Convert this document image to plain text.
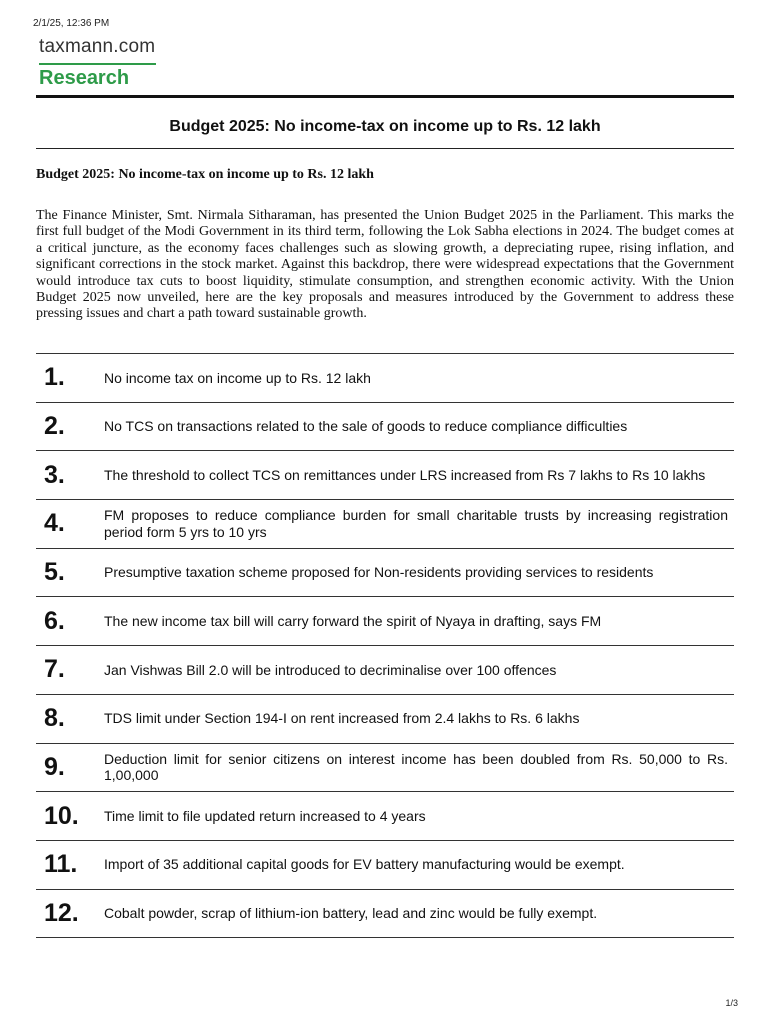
2/1/25, 12:36 PM
taxmann.com
Research
Budget 2025: No income-tax on income up to Rs. 12 lakh
Budget 2025: No income-tax on income up to Rs. 12 lakh

The Finance Minister, Smt. Nirmala Sitharaman, has presented the Union Budget 2025 in the Parliament. This marks the first full budget of the Modi Government in its third term, following the Lok Sabha elections in 2024. The budget comes at a critical juncture, as the economy faces challenges such as slowing growth, a depreciating rupee, rising inflation, and significant corrections in the stock market. Against this backdrop, there were widespread expectations that the Government would introduce tax cuts to boost liquidity, stimulate consumption, and strengthen economic activity. With the Union Budget 2025 now unveiled, here are the key proposals and measures introduced by the Government to address these pressing issues and chart a path toward sustainable growth.

1.	No income tax on income up to Rs. 12 lakh
2.	No TCS on transactions related to the sale of goods to reduce compliance difficulties
3.	The threshold to collect TCS on remittances under LRS increased from Rs 7 lakhs to Rs 10 lakhs
4.	FM proposes to reduce compliance burden for small charitable trusts by increasing registration period form 5 yrs to 10 yrs
5.	Presumptive taxation scheme proposed for Non-residents providing services to residents
6.	The new income tax bill will carry forward the spirit of Nyaya in drafting, says FM
7.	Jan Vishwas Bill 2.0 will be introduced to decriminalise over 100 offences
8.	TDS limit under Section 194-I on rent increased from 2.4 lakhs to Rs. 6 lakhs
9.	Deduction limit for senior citizens on interest income has been doubled from Rs. 50,000 to Rs. 1,00,000
10.	Time limit to file updated return increased to 4 years
11.	Import of 35 additional capital goods for EV battery manufacturing would be exempt.
12.	Cobalt powder, scrap of lithium-ion battery, lead and zinc would be fully exempt.
1/3
